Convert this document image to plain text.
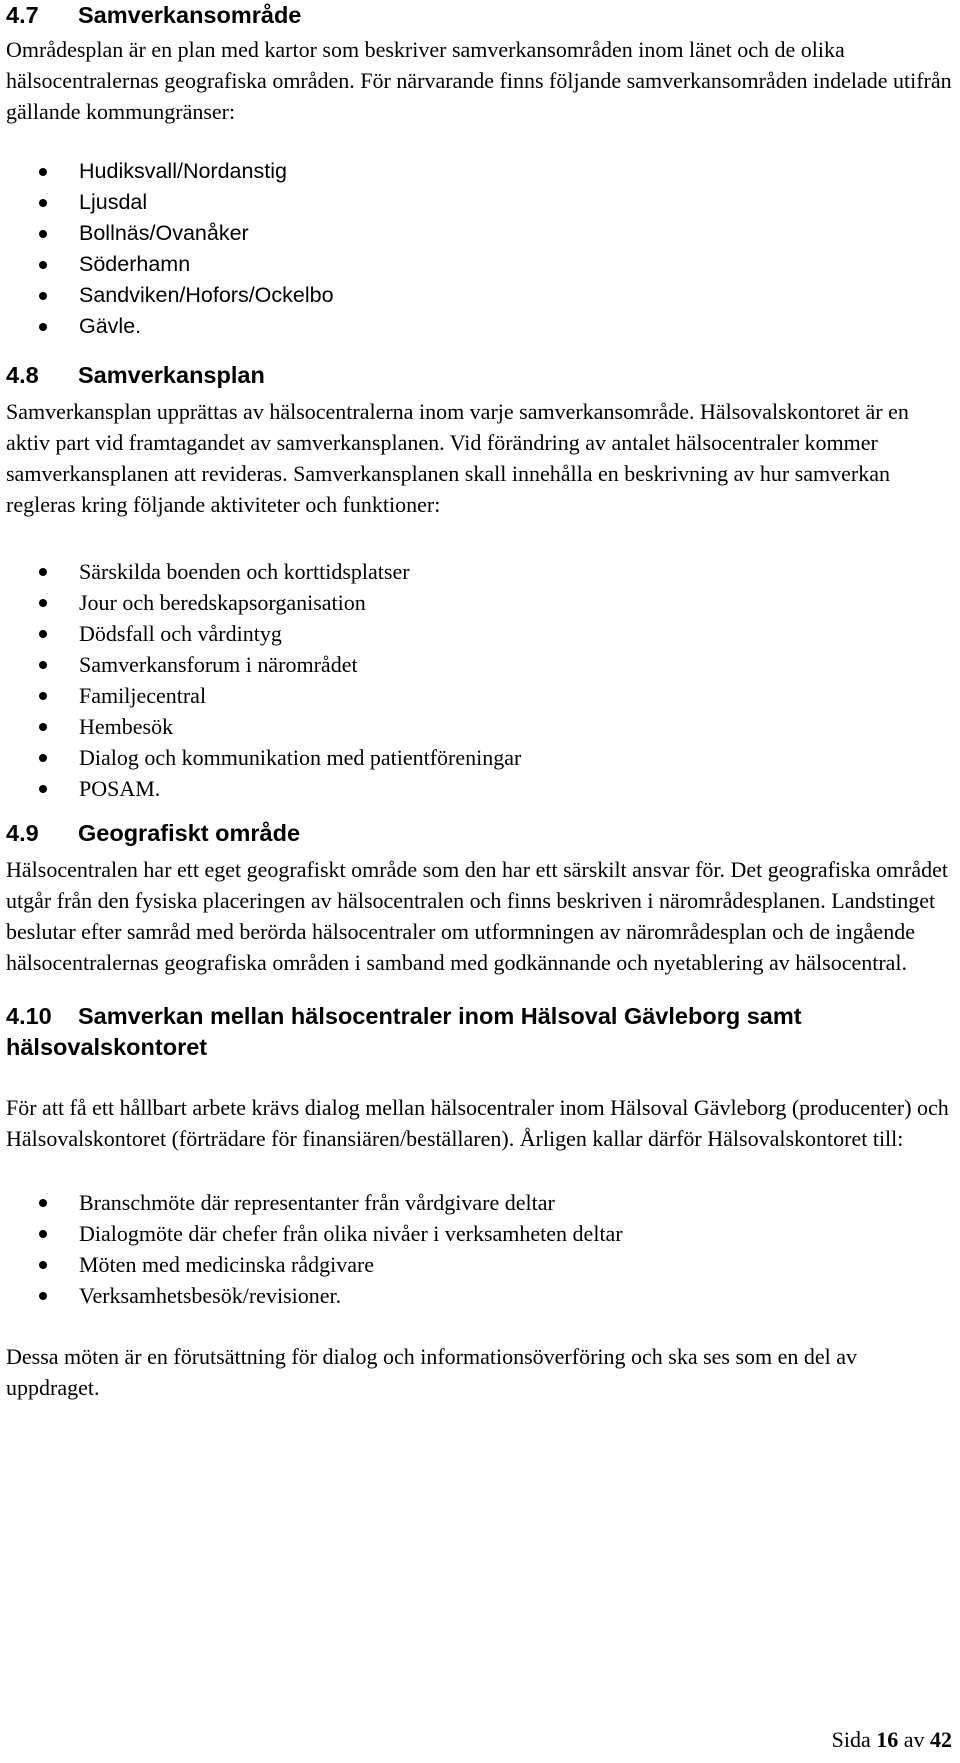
4.7	Samverkansområde

Områdesplan är en plan med kartor som beskriver samverkansområden inom länet och de olika hälsocentralernas geografiska områden. För närvarande finns följande samverkansområden indelade utifrån gällande kommungränser:

Hudiksvall/Nordanstig
Ljusdal
Bollnäs/Ovanåker
Söderhamn
Sandviken/Hofors/Ockelbo
Gävle.
4.8	Samverkansplan

Samverkansplan upprättas av hälsocentralerna inom varje samverkansområde. Hälsovalskontoret är en aktiv part vid framtagandet av samverkansplanen. Vid förändring av antalet hälsocentraler kommer samverkansplanen att revideras. Samverkansplanen skall innehålla en beskrivning av hur samverkan regleras kring följande aktiviteter och funktioner:

Särskilda boenden och korttidsplatser
Jour och beredskapsorganisation
Dödsfall och vårdintyg
Samverkansforum i närområdet
Familjecentral
Hembesök
Dialog och kommunikation med patientföreningar
POSAM.
4.9	Geografiskt område

Hälsocentralen har ett eget geografiskt område som den har ett särskilt ansvar för. Det geografiska området utgår från den fysiska placeringen av hälsocentralen och finns beskriven i närområdesplanen. Landstinget beslutar efter samråd med berörda hälsocentraler om utformningen av närområdesplan och de ingående hälsocentralernas geografiska områden i samband med godkännande och nyetablering av hälsocentral.

4.10 Samverkan mellan hälsocentraler inom Hälsoval Gävleborg samt hälsovalskontoret

För att få ett hållbart arbete krävs dialog mellan hälsocentraler inom Hälsoval Gävleborg (producenter) och Hälsovalskontoret (förträdare för finansiären/beställaren). Årligen kallar därför Hälsovalskontoret till:

Branschmöte där representanter från vårdgivare deltar
Dialogmöte där chefer från olika nivåer i verksamheten deltar
Möten med medicinska rådgivare
Verksamhetsbesök/revisioner.

Dessa möten är en förutsättning för dialog och informationsöverföring och ska ses som en del av uppdraget.

Sida 16 av 42
